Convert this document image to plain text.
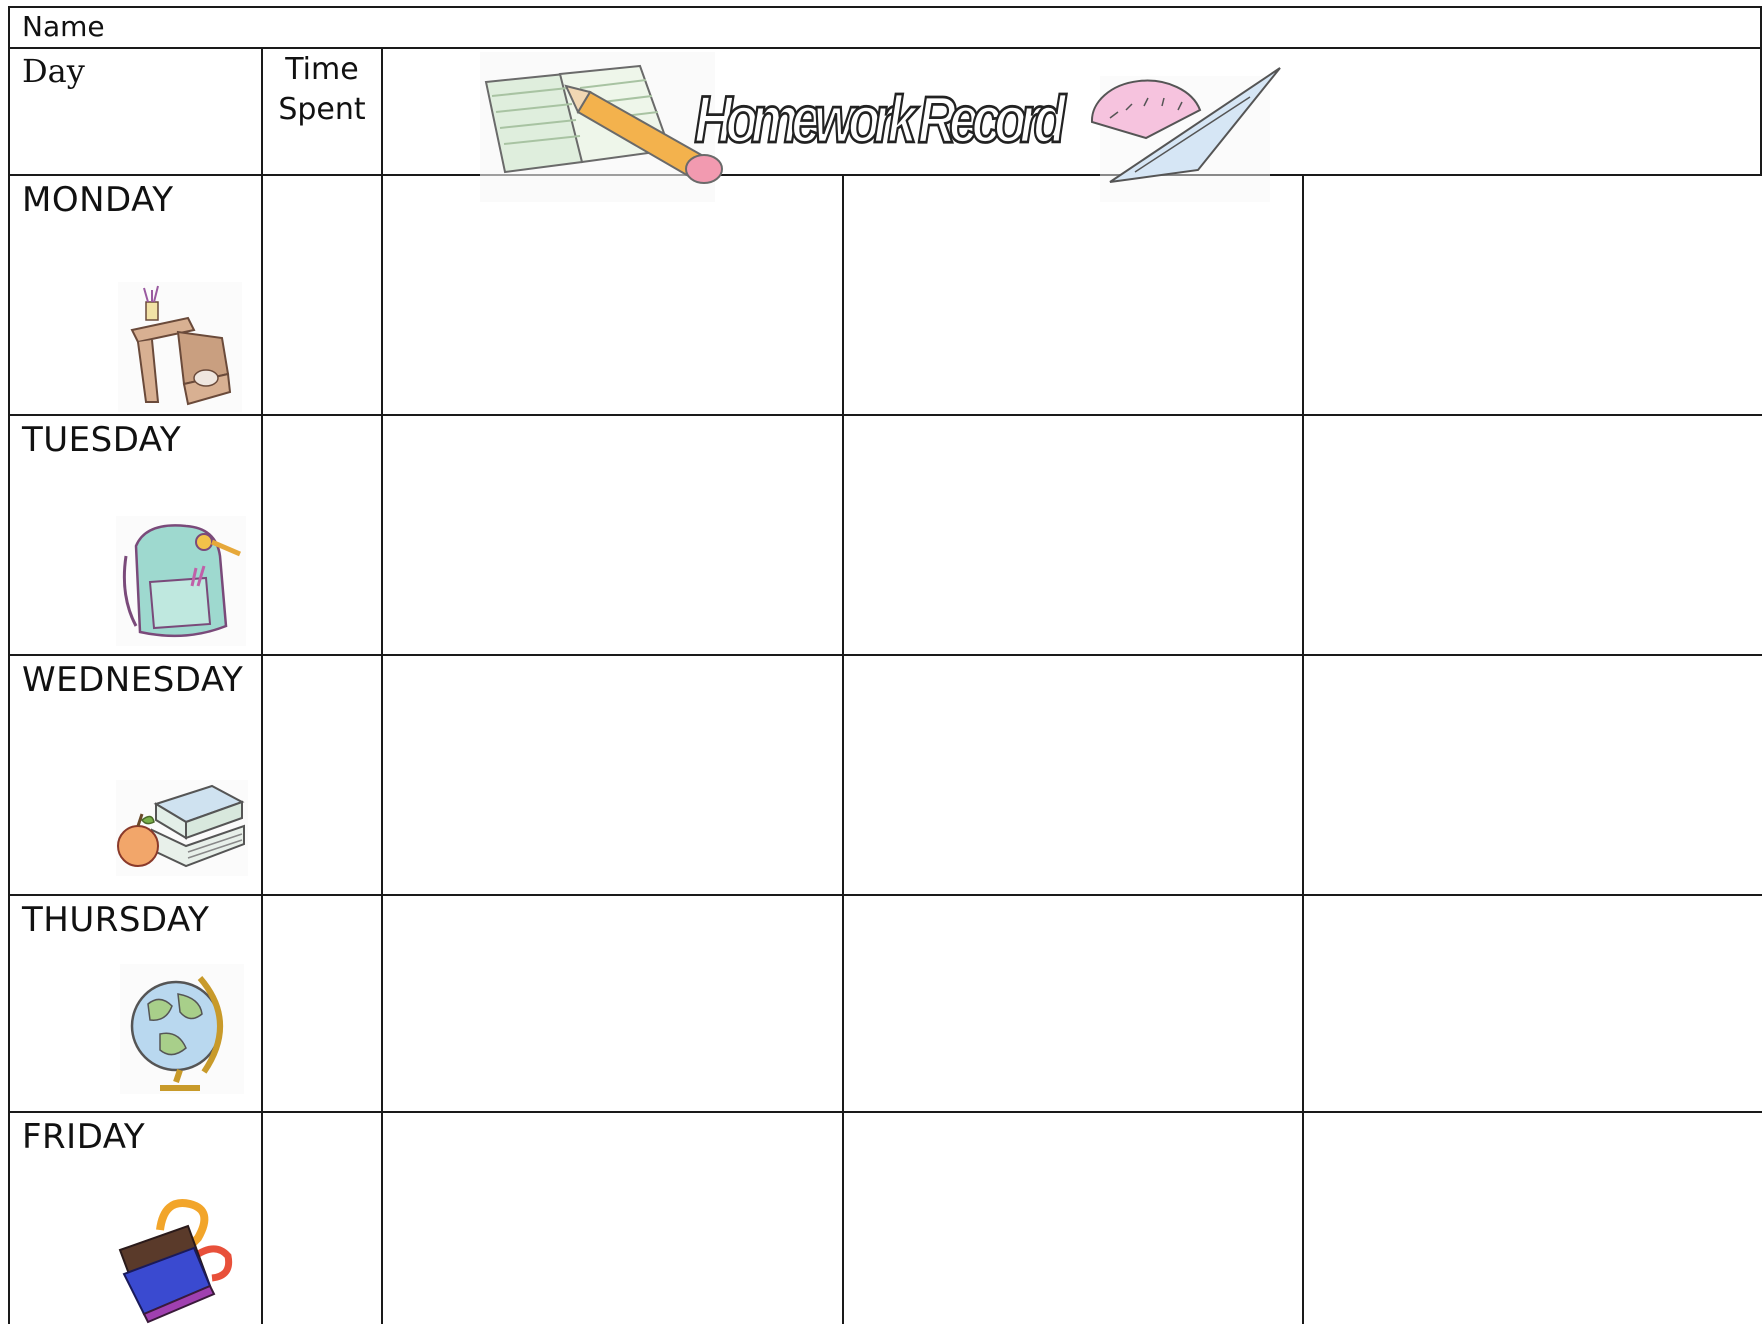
Name
Day	Time
Spent	Homework Record
MONDAY
TUESDAY
WEDNESDAY
THURSDAY
FRIDAY
